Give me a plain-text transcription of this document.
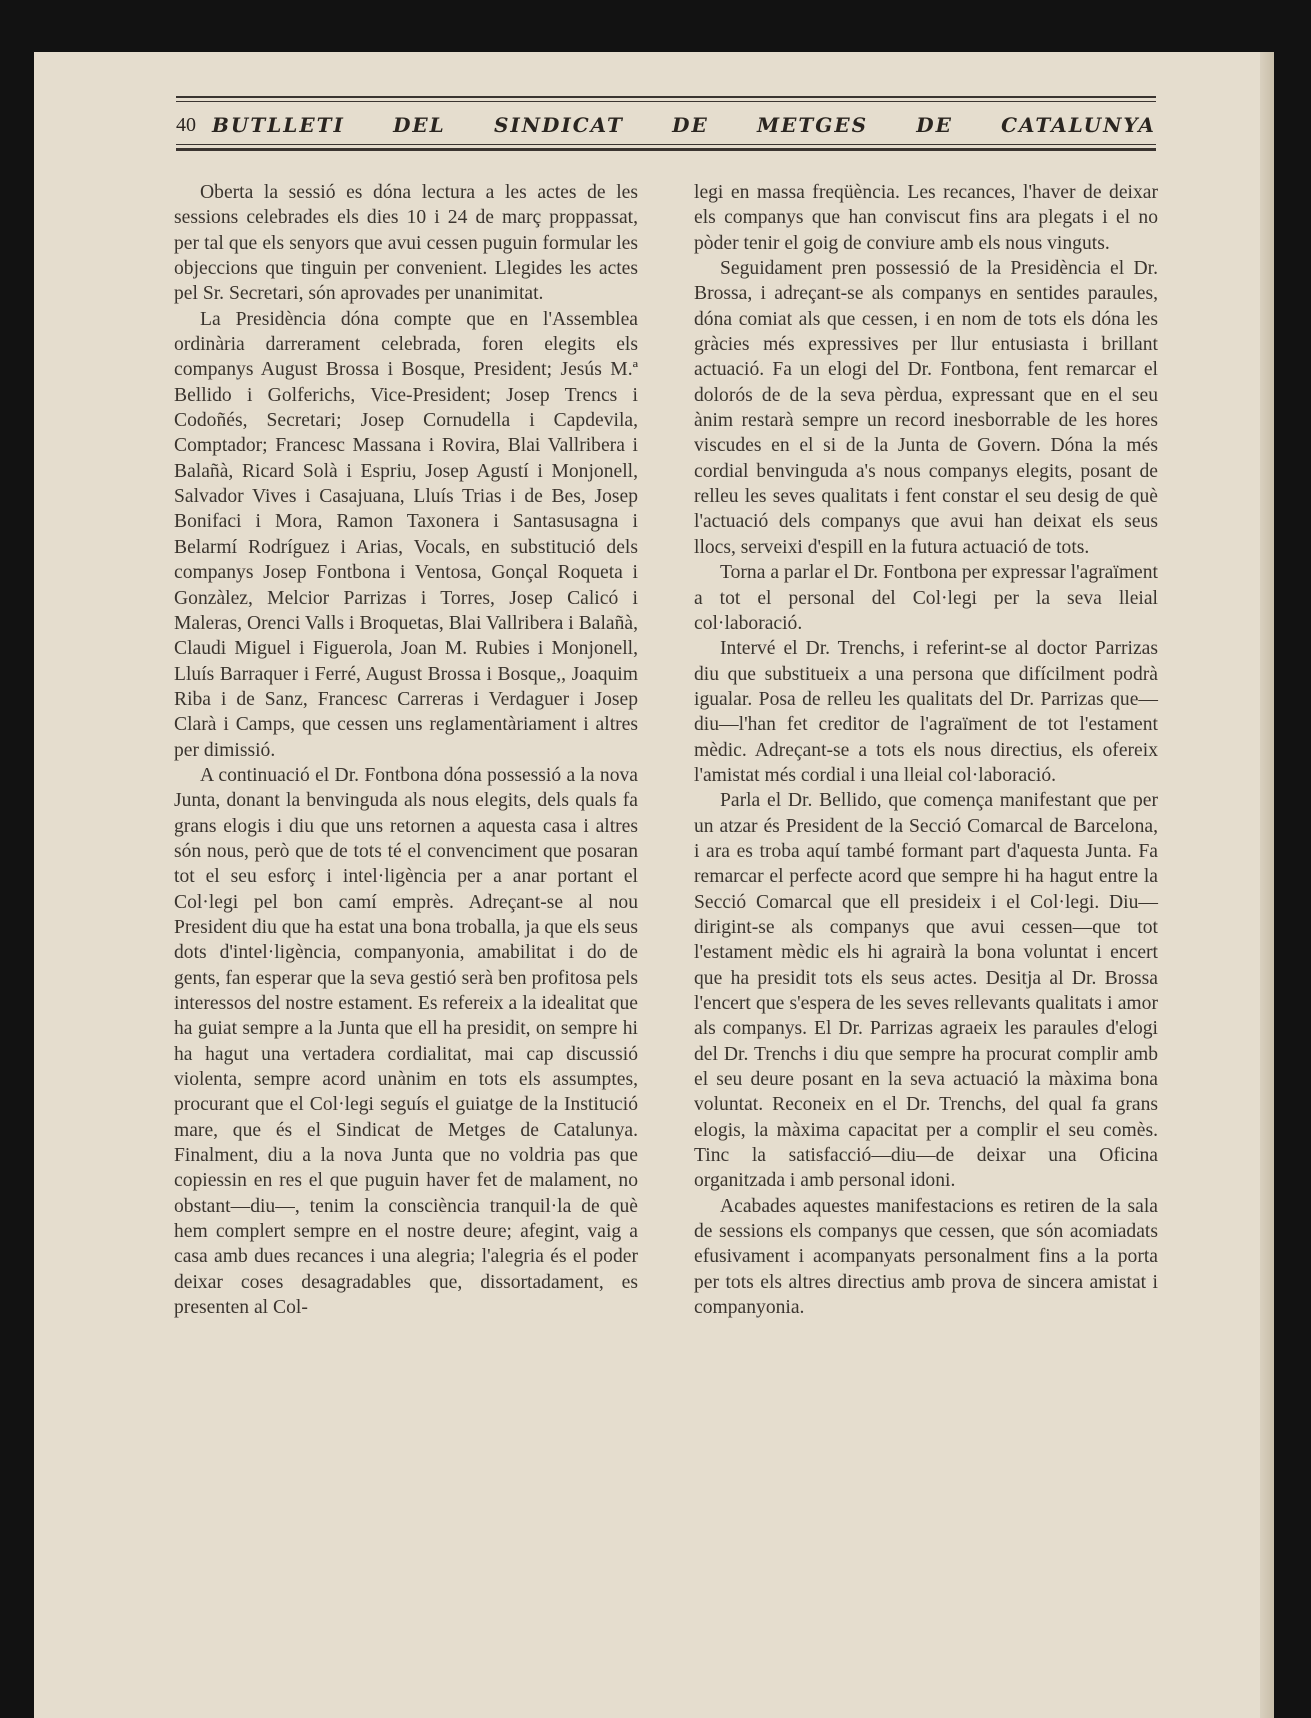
40 BUTLLETI DEL SINDICAT DE METGES DE CATALUNYA

Oberta la sessió es dóna lectura a les actes de les sessions celebrades els dies 10 i 24 de març proppassat, per tal que els senyors que avui cessen puguin formular les objeccions que tinguin per convenient. Llegides les actes pel Sr. Secretari, són aprovades per unanimitat.

La Presidència dóna compte que en l'Assemblea ordinària darrerament celebrada, foren elegits els companys August Brossa i Bosque, President; Jesús M.ª Bellido i Golferichs, Vice-President; Josep Trencs i Codoñés, Secretari; Josep Cornudella i Capdevila, Comptador; Francesc Massana i Rovira, Blai Vallribera i Balañà, Ricard Solà i Espriu, Josep Agustí i Monjonell, Salvador Vives i Casajuana, Lluís Trias i de Bes, Josep Bonifaci i Mora, Ramon Taxonera i Santasusagna i Belarmí Rodríguez i Arias, Vocals, en substitució dels companys Josep Fontbona i Ventosa, Gonçal Roqueta i Gonzàlez, Melcior Parrizas i Torres, Josep Calicó i Maleras, Orenci Valls i Broquetas, Blai Vallribera i Balañà, Claudi Miguel i Figuerola, Joan M. Rubies i Monjonell, Lluís Barraquer i Ferré, August Brossa i Bosque,, Joaquim Riba i de Sanz, Francesc Carreras i Verdaguer i Josep Clarà i Camps, que cessen uns reglamentàriament i altres per dimissió.

A continuació el Dr. Fontbona dóna possessió a la nova Junta, donant la benvinguda als nous elegits, dels quals fa grans elogis i diu que uns retornen a aquesta casa i altres són nous, però que de tots té el convenciment que posaran tot el seu esforç i intel·ligència per a anar portant el Col·legi pel bon camí emprès. Adreçant-se al nou President diu que ha estat una bona troballa, ja que els seus dots d'intel·ligència, companyonia, amabilitat i do de gents, fan esperar que la seva gestió serà ben profitosa pels interessos del nostre estament. Es refereix a la idealitat que ha guiat sempre a la Junta que ell ha presidit, on sempre hi ha hagut una vertadera cordialitat, mai cap discussió violenta, sempre acord unànim en tots els assumptes, procurant que el Col·legi seguís el guiatge de la Institució mare, que és el Sindicat de Metges de Catalunya. Finalment, diu a la nova Junta que no voldria pas que copiessin en res el que puguin haver fet de malament, no obstant—diu—, tenim la consciència tranquil·la de què hem complert sempre en el nostre deure; afegint, vaig a casa amb dues recances i una alegria; l'alegria és el poder deixar coses desagradables que, dissortadament, es presenten al Col-

legi en massa freqüència. Les recances, l'haver de deixar els companys que han conviscut fins ara plegats i el no pòder tenir el goig de conviure amb els nous vinguts.

Seguidament pren possessió de la Presidència el Dr. Brossa, i adreçant-se als companys en sentides paraules, dóna comiat als que cessen, i en nom de tots els dóna les gràcies més expressives per llur entusiasta i brillant actuació. Fa un elogi del Dr. Fontbona, fent remarcar el dolorós de de la seva pèrdua, expressant que en el seu ànim restarà sempre un record inesborrable de les hores viscudes en el si de la Junta de Govern. Dóna la més cordial benvinguda a's nous companys elegits, posant de relleu les seves qualitats i fent constar el seu desig de què l'actuació dels companys que avui han deixat els seus llocs, serveixi d'espill en la futura actuació de tots.

Torna a parlar el Dr. Fontbona per expressar l'agraïment a tot el personal del Col·legi per la seva lleial col·laboració.

Intervé el Dr. Trenchs, i referint-se al doctor Parrizas diu que substitueix a una persona que difícilment podrà igualar. Posa de relleu les qualitats del Dr. Parrizas que—diu—l'han fet creditor de l'agraïment de tot l'estament mèdic. Adreçant-se a tots els nous directius, els ofereix l'amistat més cordial i una lleial col·laboració.

Parla el Dr. Bellido, que comença manifestant que per un atzar és President de la Secció Comarcal de Barcelona, i ara es troba aquí també formant part d'aquesta Junta. Fa remarcar el perfecte acord que sempre hi ha hagut entre la Secció Comarcal que ell presideix i el Col·legi. Diu—dirigint-se als companys que avui cessen—que tot l'estament mèdic els hi agrairà la bona voluntat i encert que ha presidit tots els seus actes. Desitja al Dr. Brossa l'encert que s'espera de les seves rellevants qualitats i amor als companys. El Dr. Parrizas agraeix les paraules d'elogi del Dr. Trenchs i diu que sempre ha procurat complir amb el seu deure posant en la seva actuació la màxima bona voluntat. Reconeix en el Dr. Trenchs, del qual fa grans elogis, la màxima capacitat per a complir el seu comès. Tinc la satisfacció—diu—de deixar una Oficina organitzada i amb personal idoni.

Acabades aquestes manifestacions es retiren de la sala de sessions els companys que cessen, que són acomiadats efusivament i acompanyats personalment fins a la porta per tots els altres directius amb prova de sincera amistat i companyonia.
